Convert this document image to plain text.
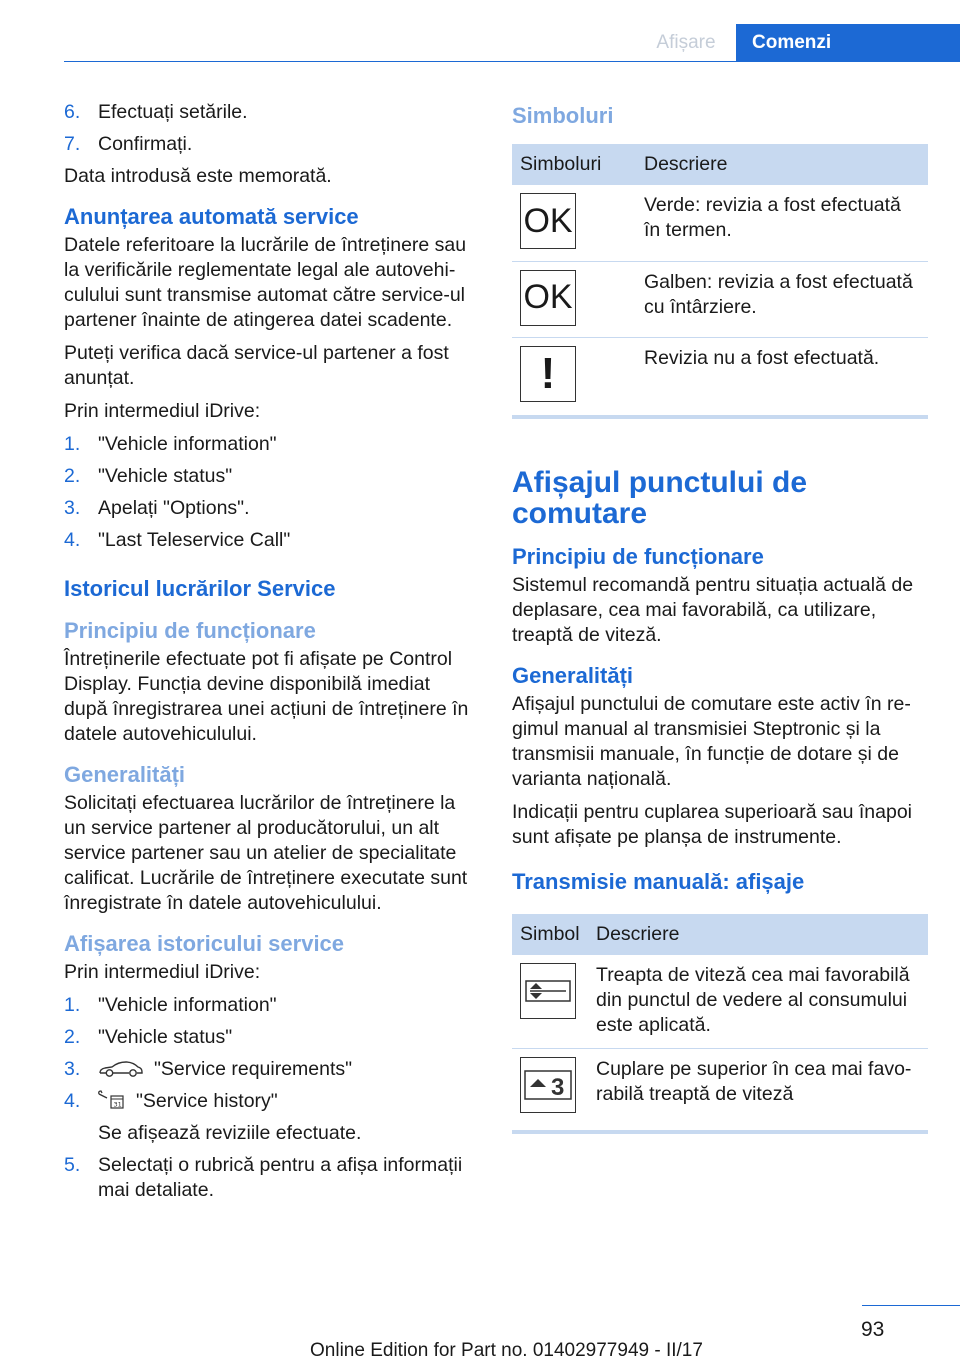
Afișare	Comenzi
6. Efectuați setările.
7. Confirmați.

Data introdusă este memorată.

Anunțarea automată service

Datele referitoare la lucrările de întreținere sau la verificările reglementate legal ale autovehiculului sunt transmise automat către service-ul partener înainte de atingerea datei scadente.

Puteți verifica dacă service-ul partener a fost anunțat.

Prin intermediul iDrive:

1. "Vehicle information"
2. "Vehicle status"
3. Apelați "Options".
4. "Last Teleservice Call"
Istoricul lucrărilor Service
Principiu de funcționare

Întreținerile efectuate pot fi afișate pe Control Display. Funcția devine disponibilă imediat după înregistrarea unei acțiuni de întreținere în datele autovehiculului.

Generalități

Solicitați efectuarea lucrărilor de întreținere la un service partener al producătorului, un alt service partener sau un atelier de specialitate calificat. Lucrările de întreținere executate sunt înregistrate în datele autovehiculului.

Afișarea istoricului service

Prin intermediul iDrive:

1. "Vehicle information"
2. "Vehicle status"
3.	"Service requirements"
4.	31 "Service history"
Se afișează reviziile efectuate.
5. Selectați o rubrică pentru a afișa informații mai detaliate.
Simboluri
Simboluri	Descriere

OK	Verde: revizia a fost efectuată în termen.

OK	Galben: revizia a fost efectuată cu întârziere.

!	Revizia nu a fost efectuată.

Afișajul punctului de comutare
Principiu de funcționare

Sistemul recomandă pentru situația actuală de deplasare, cea mai favorabilă, ca utilizare, treaptă de viteză.

Generalități

Afișajul punctului de comutare este activ în regimul manual al transmisiei Steptronic și la transmisii manuale, în funcție de dotare și de varianta națională.

Indicații pentru cuplarea superioară sau înapoi sunt afișate pe planșa de instrumente.

Transmisie manuală: afișaje
Simbol	Descriere
	Treapta de viteză cea mai favorabilă din punctul de vedere al consumului este aplicată.

3	Cuplare pe superior în cea mai favorabilă treaptă de viteză

93
Online Edition for Part no. 01402977949 - II/17
